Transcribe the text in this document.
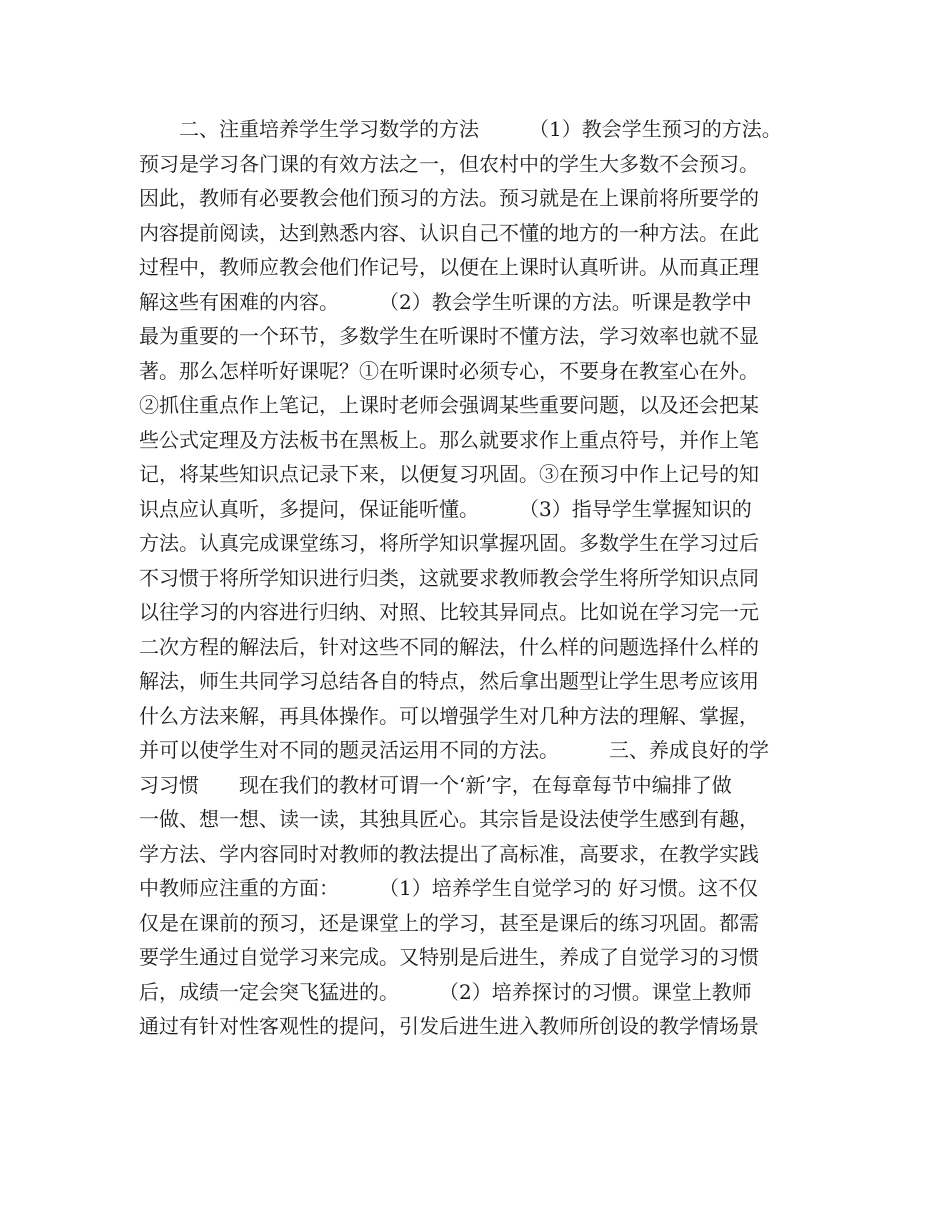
　　二、注重培养学生学习数学的方法　　　（1）教会学生预习的方法。
预习是学习各门课的有效方法之一，但农村中的学生大多数不会预习。
因此，教师有必要教会他们预习的方法。预习就是在上课前将所要学的
内容提前阅读，达到熟悉内容、认识自己不懂的地方的一种方法。在此
过程中，教师应教会他们作记号，以便在上课时认真听讲。从而真正理
解这些有困难的内容。　　　（2）教会学生听课的方法。听课是教学中
最为重要的一个环节，多数学生在听课时不懂方法，学习效率也就不显
著。那么怎样听好课呢？①在听课时必须专心，不要身在教室心在外。
②抓住重点作上笔记，上课时老师会强调某些重要问题，以及还会把某
些公式定理及方法板书在黑板上。那么就要求作上重点符号，并作上笔
记，将某些知识点记录下来，以便复习巩固。③在预习中作上记号的知
识点应认真听，多提问，保证能听懂。　　　（3）指导学生掌握知识的
方法。认真完成课堂练习，将所学知识掌握巩固。多数学生在学习过后
不习惯于将所学知识进行归类，这就要求教师教会学生将所学知识点同
以往学习的内容进行归纳、对照、比较其异同点。比如说在学习完一元
二次方程的解法后，针对这些不同的解法，什么样的问题选择什么样的
解法，师生共同学习总结各自的特点，然后拿出题型让学生思考应该用
什么方法来解，再具体操作。可以增强学生对几种方法的理解、掌握，
并可以使学生对不同的题灵活运用不同的方法。　　　三、养成良好的学
习习惯　　现在我们的教材可谓一个‘新’字，在每章每节中编排了做
一做、想一想、读一读，其独具匠心。其宗旨是设法使学生感到有趣，
学方法、学内容同时对教师的教法提出了高标准，高要求，在教学实践
中教师应注重的方面：　　　（1）培养学生自觉学习的 好习惯。这不仅
仅是在课前的预习，还是课堂上的学习，甚至是课后的练习巩固。都需
要学生通过自觉学习来完成。又特别是后进生，养成了自觉学习的习惯
后，成绩一定会突飞猛进的。　　　（2）培养探讨的习惯。课堂上教师
通过有针对性客观性的提问，引发后进生进入教师所创设的教学情场景
